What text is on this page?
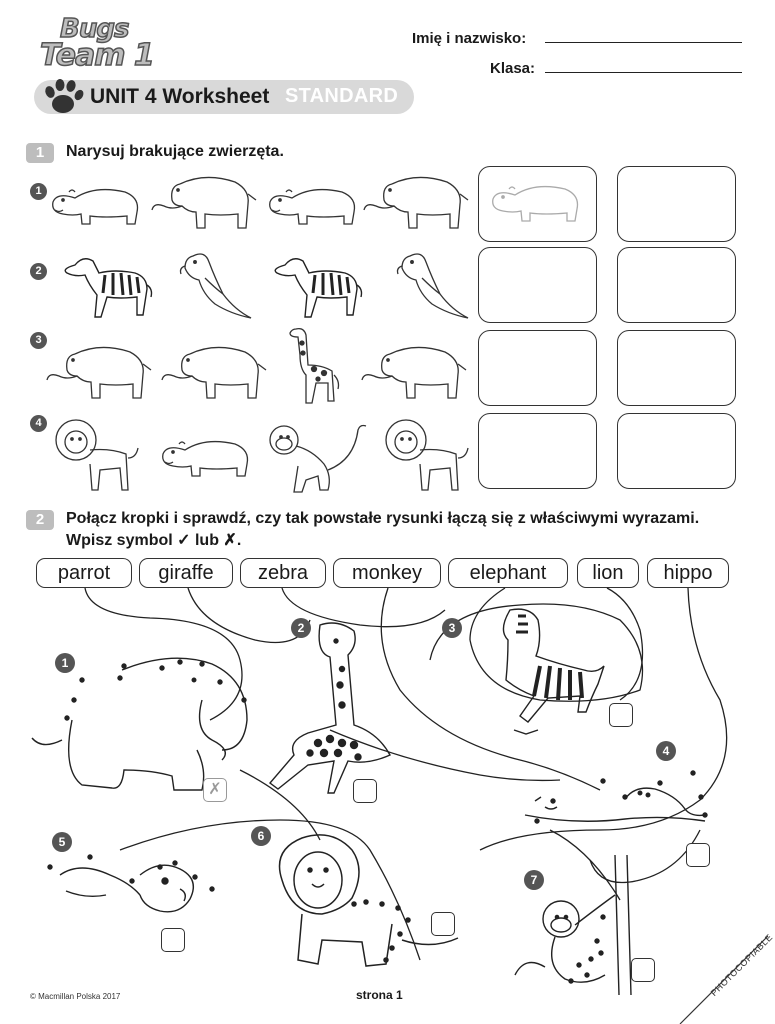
Bugs
Team 1	Imię i nazwisko:
Klasa:
UNIT 4 Worksheet STANDARD
1	Narysuj brakujące zwierzęta.
1
2
3
4
2	Połącz kropki i sprawdź, czy tak powstałe rysunki łączą się z właściwymi wyrazami.
Wpisz symbol ✓ lub ✗.
parrot	giraffe	zebra	monkey	elephant	lion	hippo
1
✗
2	3
4
5	6
7
© Macmillan Polska 2017	strona 1	PHOTOCOPIABLE
